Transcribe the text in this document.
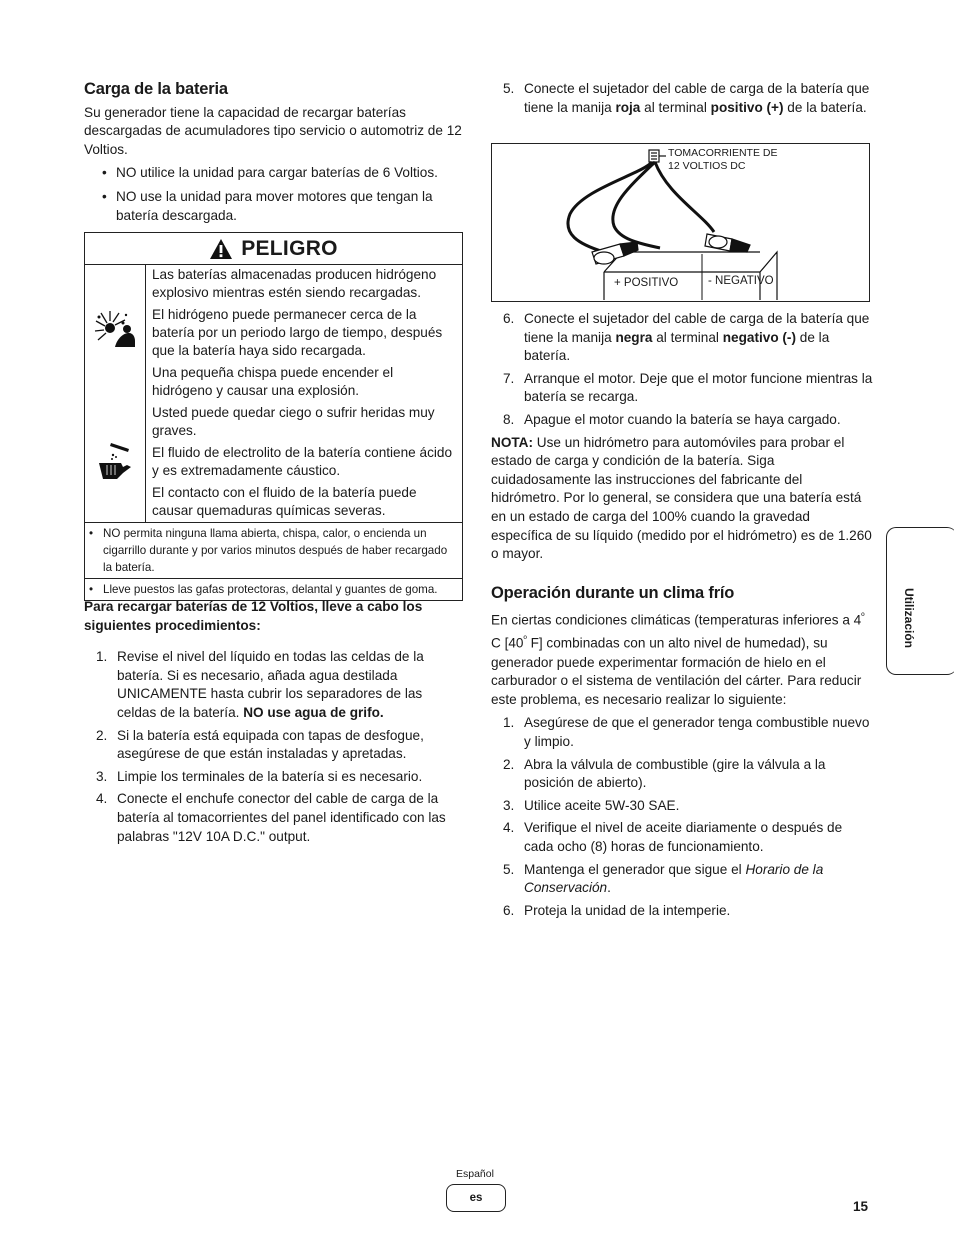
Carga de la bateria

Su generador tiene la capacidad de recargar baterías descargadas de acumuladores tipo servicio o automotriz de 12 Voltios.

• NO utilice la unidad para cargar baterías de 6 Voltios.
• NO use la unidad para mover motores que tengan la batería descargada.
PELIGRO

Las baterías almacenadas producen hidrógeno explosivo mientras estén siendo recargadas.

El hidrógeno puede permanecer cerca de la batería por un periodo largo de tiempo, después que la batería haya sido recargada.

Una pequeña chispa puede encender el hidrógeno y causar una explosión.

Usted puede quedar ciego o sufrir heridas muy graves.

El fluido de electrolito de la batería contiene ácido y es extremadamente cáustico.

El contacto con el fluido de la batería puede causar quemaduras químicas severas.

• NO permita ninguna llama abierta, chispa, calor, o encienda un cigarrillo durante y por varios minutos después de haber recargado la batería.
• Lleve puestos las gafas protectoras, delantal y guantes de goma.

Para recargar baterías de 12 Voltios, lleve a cabo los siguientes procedimientos:

1. Revise el nivel del líquido en todas las celdas de la batería. Si es necesario, añada agua destilada UNICAMENTE hasta cubrir los separadores de las celdas de la batería. NO use agua de grifo.
2. Si la batería está equipada con tapas de desfogue, asegúrese de que están instaladas y apretadas.
3. Limpie los terminales de la batería si es necesario.
4. Conecte el enchufe conector del cable de carga de la batería al tomacorrientes del panel identificado con las palabras "12V 10A D.C." output.
5. Conecte el sujetador del cable de carga de la batería que tiene la manija roja al terminal positivo (+) de la batería.
TOMACORRIENTE DE
12 VOLTIOS DC
+ POSITIVO	- NEGATIVO
6. Conecte el sujetador del cable de carga de la batería que tiene la manija negra al terminal negativo (-) de la batería.
7. Arranque el motor. Deje que el motor funcione mientras la batería se recarga.
8. Apague el motor cuando la batería se haya cargado.

NOTA: Use un hidrómetro para automóviles para probar el estado de carga y condición de la batería. Siga cuidadosamente las instrucciones del fabricante del hidrómetro. Por lo general, se considera que una batería está en un estado de carga del 100% cuando la gravedad específica de su líquido (medido por el hidrómetro) es de 1.260 o mayor.

Operación durante un clima frío

En ciertas condiciones climáticas (temperaturas inferiores a $4^º$ C [$40^º$ F] combinadas con un alto nivel de humedad), su generador puede experimentar formación de hielo en el carburador o el sistema de ventilación del cárter. Para reducir este problema, es necesario realizar lo siguiente:

1. Asegúrese de que el generador tenga combustible nuevo y limpio.
2. Abra la válvula de combustible (gire la válvula a la posición de abierto).
3. Utilice aceite 5W-30 SAE.
4. Verifique el nivel de aceite diariamente o después de cada ocho (8) horas de funcionamiento.
5. Mantenga el generador que sigue el Horario de la Conservación.
6. Proteja la unidad de la intemperie.
Utilización
Español
es
15
